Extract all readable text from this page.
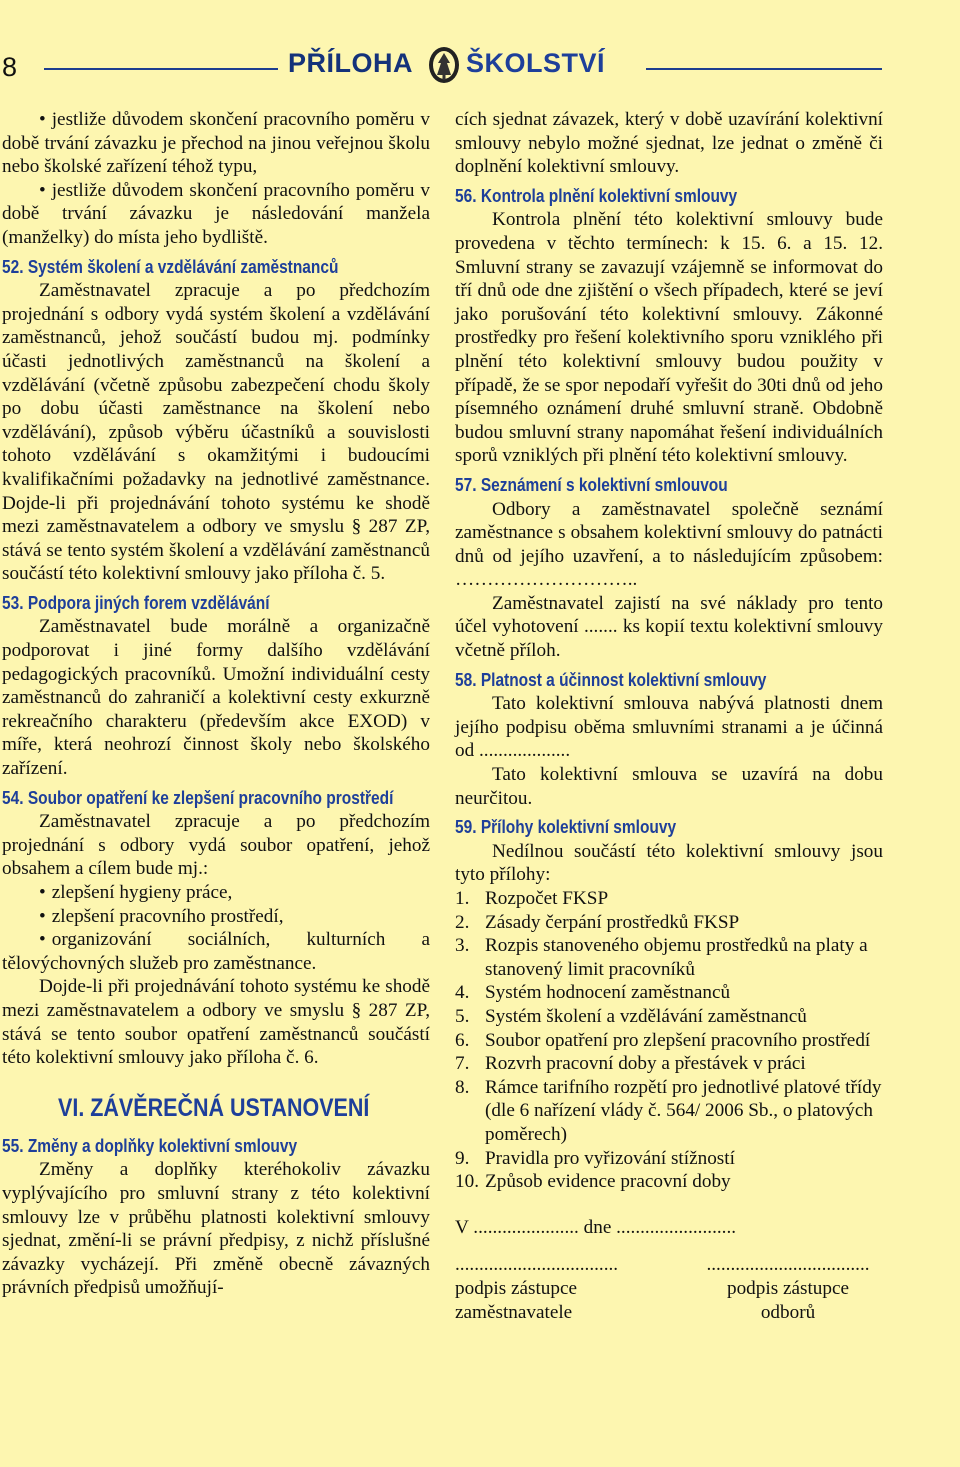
8	PŘÍLOHA ŠKOLSTVÍ

• jestliže důvodem skončení pracovního poměru v době trvání závazku je přechod na jinou veřejnou školu nebo školské zařízení téhož typu,

• jestliže důvodem skončení pracovního poměru v době trvání závazku je následování manžela (manželky) do místa jeho bydliště.

52. Systém školení a vzdělávání zaměstnanců

Zaměstnavatel zpracuje a po předchozím projednání s odbory vydá systém školení a vzdělávání zaměstnanců, jehož součástí budou mj. podmínky účasti jednotlivých zaměstnanců na školení a vzdělávání (včetně způsobu zabezpečení chodu školy po dobu účasti zaměstnance na školení nebo vzdělávání), způsob výběru účastníků a souvislosti tohoto vzdělávání s okamžitými i budoucími kvalifikačními požadavky na jednotlivé zaměstnance. Dojde-li při projednávání tohoto systému ke shodě mezi zaměstnavatelem a odbory ve smyslu § 287 ZP, stává se tento systém školení a vzdělávání zaměstnanců součástí této kolektivní smlouvy jako příloha č. 5.

53. Podpora jiných forem vzdělávání

Zaměstnavatel bude morálně a organizačně podporovat i jiné formy dalšího vzdělávání pedagogických pracovníků. Umožní individuální cesty zaměstnanců do zahraničí a kolektivní cesty exkurzně rekreačního charakteru (především akce EXOD) v míře, která neohrozí činnost školy nebo školského zařízení.

54. Soubor opatření ke zlepšení pracovního prostředí

Zaměstnavatel zpracuje a po předchozím projednání s odbory vydá soubor opatření, jehož obsahem a cílem bude mj.:

• zlepšení hygieny práce,

• zlepšení pracovního prostředí,

• organizování sociálních, kulturních a tělovýchovných služeb pro zaměstnance.

Dojde-li při projednávání tohoto systému ke shodě mezi zaměstnavatelem a odbory ve smyslu § 287 ZP, stává se tento soubor opatření zaměstnanců součástí této kolektivní smlouvy jako příloha č. 6.

VI. ZÁVĚREČNÁ USTANOVENÍ
55. Změny a doplňky kolektivní smlouvy

Změny a doplňky kteréhokoliv závazku vyplývajícího pro smluvní strany z této kolektivní smlouvy lze v průběhu platnosti kolektivní smlouvy sjednat, změní-li se právní předpisy, z nichž příslušné závazky vycházejí. Při změně obecně závazných právních předpisů umožňují-

cích sjednat závazek, který v době uzavírání kolektivní smlouvy nebylo možné sjednat, lze jednat o změně či doplnění kolektivní smlouvy.

56. Kontrola plnění kolektivní smlouvy

Kontrola plnění této kolektivní smlouvy bude provedena v těchto termínech: k 15. 6. a 15. 12. Smluvní strany se zavazují vzájemně se informovat do tří dnů ode dne zjištění o všech případech, které se jeví jako porušování této kolektivní smlouvy. Zákonné prostředky pro řešení kolektivního sporu vzniklého při plnění této kolektivní smlouvy budou použity v případě, že se spor nepodaří vyřešit do 30ti dnů od jeho písemného oznámení druhé smluvní straně. Obdobně budou smluvní strany napomáhat řešení individuálních sporů vzniklých při plnění této kolektivní smlouvy.

57. Seznámení s kolektivní smlouvou

Odbory a zaměstnavatel společně seznámí zaměstnance s obsahem kolektivní smlouvy do patnácti dnů od jejího uzavření, a to následujícím způsobem: ………………………..

Zaměstnavatel zajistí na své náklady pro tento účel vyhotovení ....... ks kopií textu kolektivní smlouvy včetně příloh.

58. Platnost a účinnost kolektivní smlouvy

Tato kolektivní smlouva nabývá platnosti dnem jejího podpisu oběma smluvními stranami a je účinná od ...................

Tato kolektivní smlouva se uzavírá na dobu neurčitou.

59. Přílohy kolektivní smlouvy

Nedílnou součástí této kolektivní smlouvy jsou tyto přílohy:

1. Rozpočet FKSP
2. Zásady čerpání prostředků FKSP
3. Rozpis stanoveného objemu prostředků na platy a stanovený limit pracovníků
4. Systém hodnocení zaměstnanců
5. Systém školení a vzdělávání zaměstnanců
6. Soubor opatření pro zlepšení pracovního prostředí
7. Rozvrh pracovní doby a přestávek v práci
8. Rámce tarifního rozpětí pro jednotlivé platové třídy (dle 6 nařízení vlády č. 564/ 2006 Sb., o platových poměrech)
9. Pravidla pro vyřizování stížností
10. Způsob evidence pracovní doby

V ...................... dne .........................

..................................
podpis zástupce
zaměstnavatele
..................................
podpis zástupce
odborů
